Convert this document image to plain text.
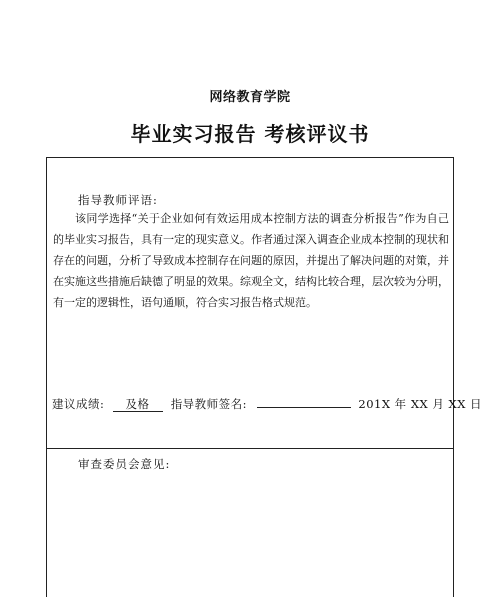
网络教育学院
毕业实习报告 考核评议书
指导教师评语:

该同学选择“关于企业如何有效运用成本控制方法的调查分析报告”作为自己的毕业实习报告，具有一定的现实意义。作者通过深入调查企业成本控制的现状和存在的问题，分析了导致成本控制存在问题的原因，并提出了解决问题的对策，并在实施这些措施后缺德了明显的效果。综观全文，结构比较合理，层次较为分明，有一定的逻辑性，语句通顺，符合实习报告格式规范。

建议成绩: 及格 指导教师签名:	201X 年 XX 月 XX 日
审查委员会意见:
